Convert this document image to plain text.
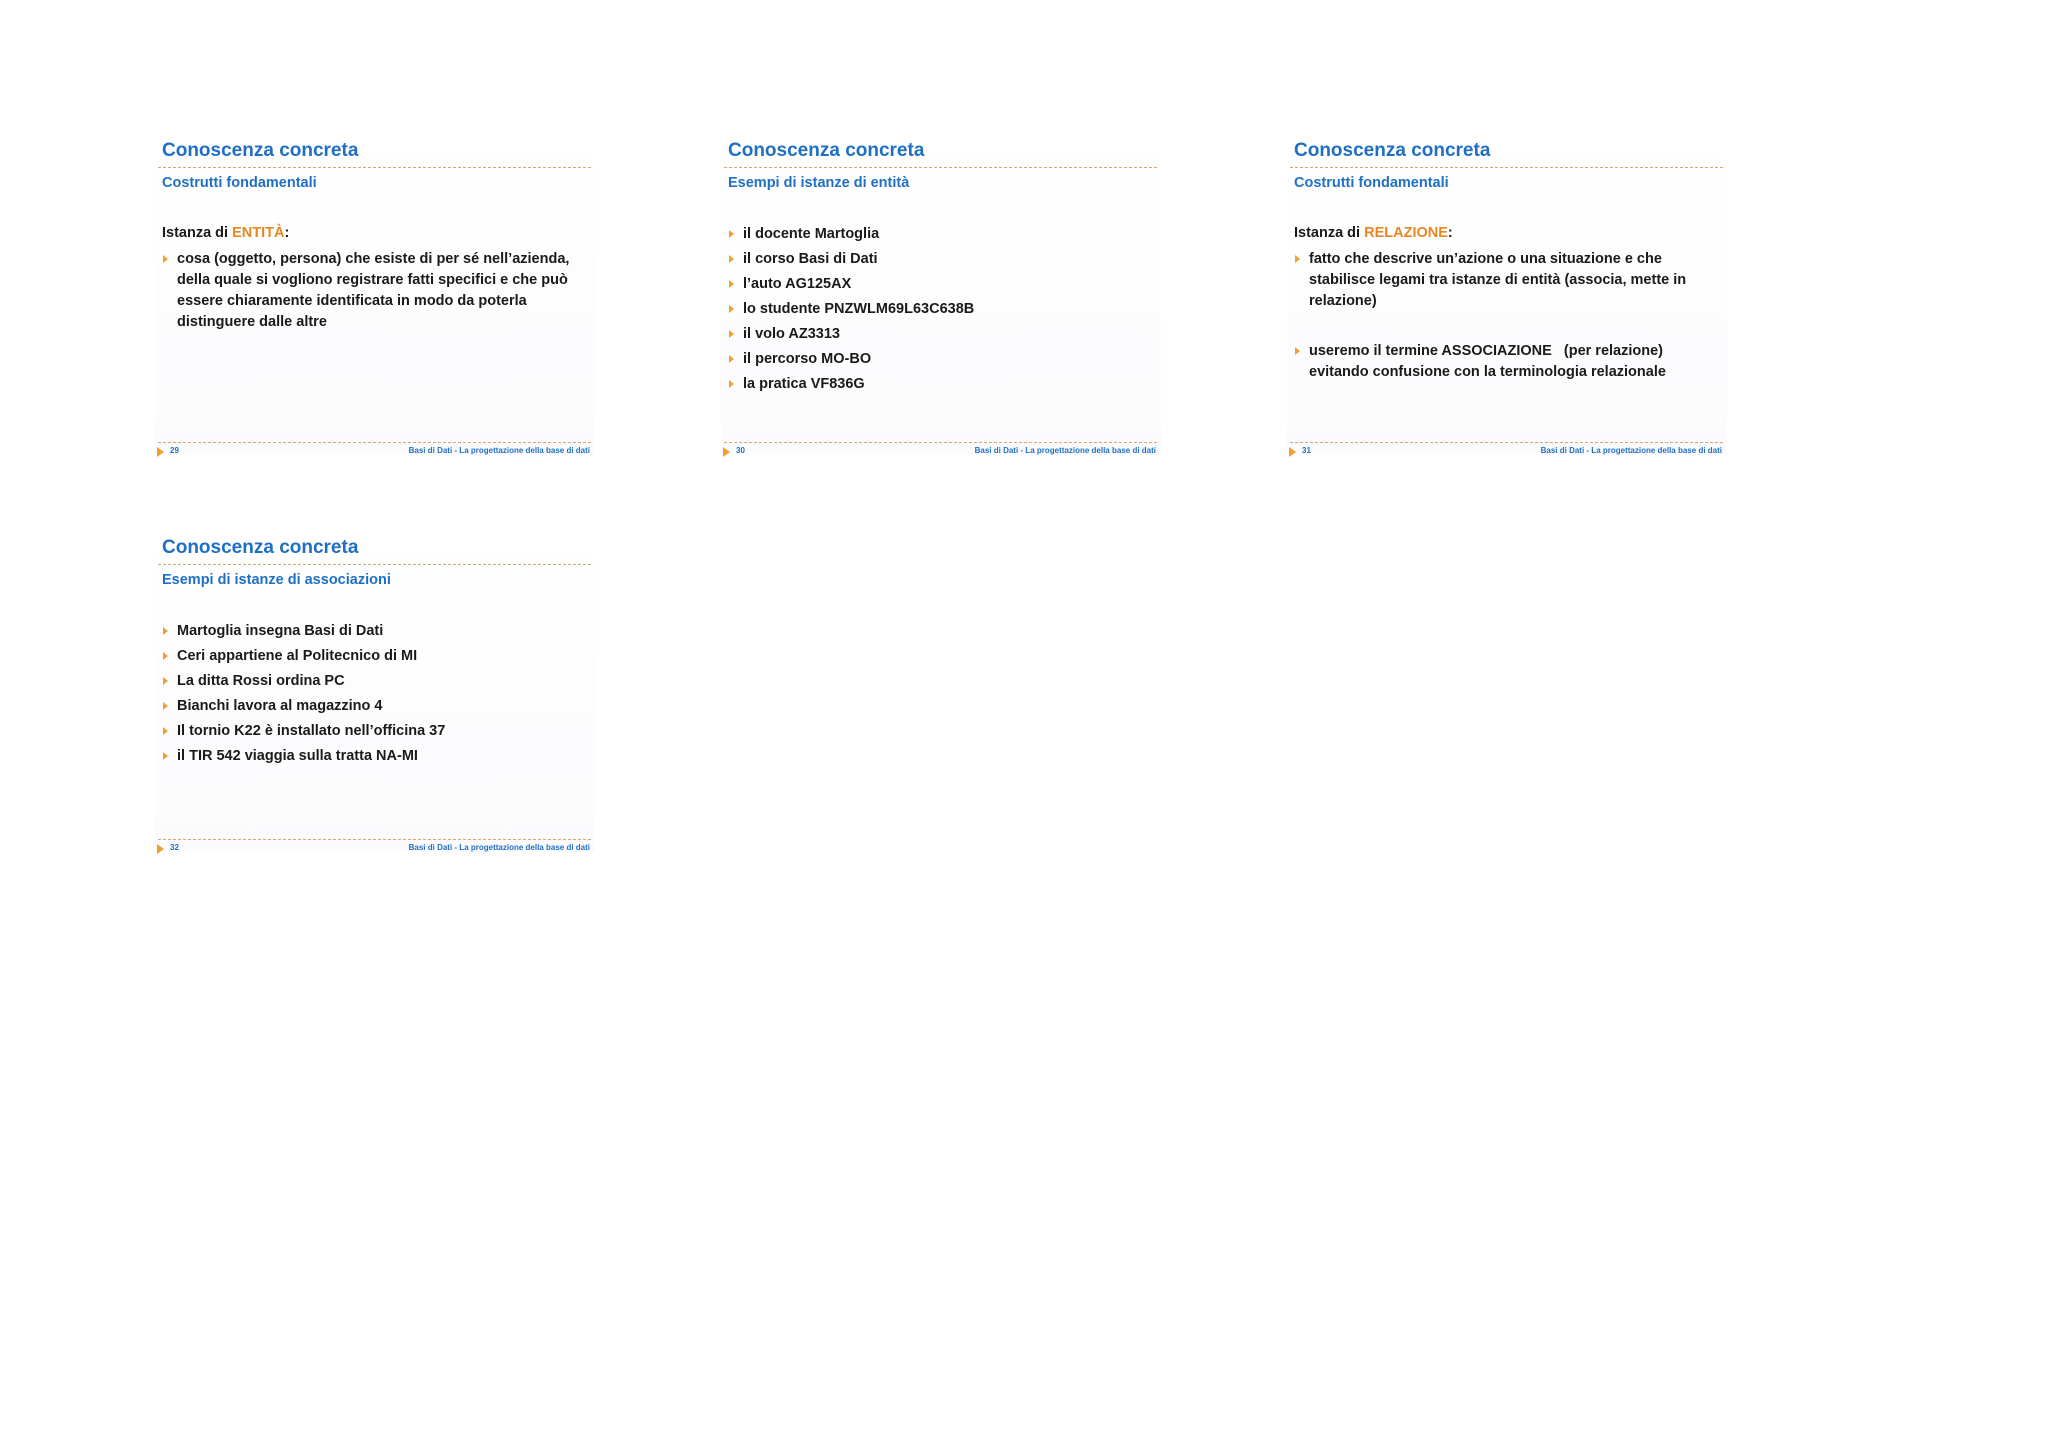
Conoscenza concreta
Costrutti fondamentali
Istanza di ENTITÀ:
cosa (oggetto, persona) che esiste di per sé nell’azienda, della quale si vogliono registrare fatti specifici e che può essere chiaramente identificata in modo da poterla distinguere dalle altre
29	Basi di Dati - La progettazione della base di dati
Conoscenza concreta
Esempi di istanze di entità
il docente Martoglia
il corso Basi di Dati
l’auto AG125AX
lo studente PNZWLM69L63C638B
il volo AZ3313
il percorso MO-BO
la pratica VF836G
30	Basi di Dati - La progettazione della base di dati
Conoscenza concreta
Costrutti fondamentali
Istanza di RELAZIONE:
fatto che descrive un’azione o una situazione e che stabilisce legami tra istanze di entità (associa, mette in relazione)
useremo il termine ASSOCIAZIONE   (per relazione) evitando confusione con la terminologia relazionale
31	Basi di Dati - La progettazione della base di dati
Conoscenza concreta
Esempi di istanze di associazioni
Martoglia insegna Basi di Dati
Ceri appartiene al Politecnico di MI
La ditta Rossi ordina PC
Bianchi lavora al magazzino 4
Il tornio K22 è installato nell’officina 37
il TIR 542 viaggia sulla tratta NA-MI
32	Basi di Dati - La progettazione della base di dati
